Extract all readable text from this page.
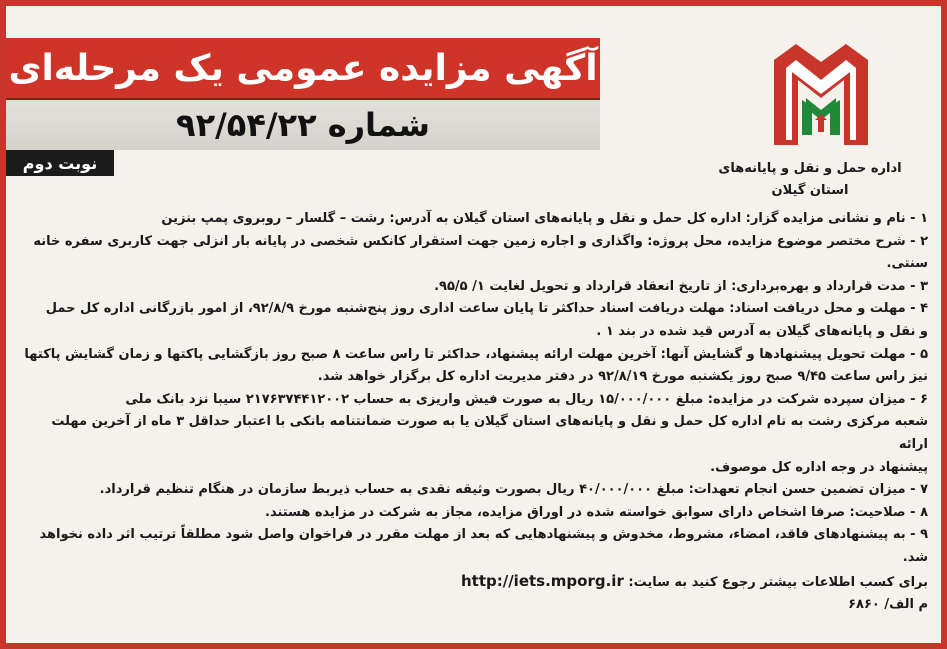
آگهی مزایده عمومی یک مرحله‌ای
شماره ۹۲/۵۴/۲۲
نوبت دوم	اداره حمل و نقل و پایانه‌های
استان گیلان

۱ - نام و نشانی مزایده گزار: اداره کل حمل و نقل و پایانه‌های استان گیلان به آدرس: رشت – گلسار – روبروی پمپ بنزین

۲ - شرح مختصر موضوع مزایده، محل پروژه: واگذاری و اجاره زمین جهت استقرار کانکس شخصی در پایانه بار انزلی جهت کاربری سفره خانه

سنتی.

۳ - مدت قرارداد و بهره‌برداری: از تاریخ انعقاد قرارداد و تحویل لغایت ۱/ ۹۵/۵.

۴ - مهلت و محل دریافت اسناد: مهلت دریافت اسناد حداکثر تا پایان ساعت اداری روز پنج‌شنبه مورخ ۹۲/۸/۹، از امور بازرگانی اداره کل حمل

و نقل و پایانه‌های گیلان به آدرس قید شده در بند ۱ .

۵ - مهلت تحویل پیشنهادها و گشایش آنها: آخرین مهلت ارائه پیشنهاد، حداکثر تا راس ساعت ۸ صبح روز بازگشایی پاکتها و زمان گشایش پاکتها

نیز راس ساعت ۹/۴۵ صبح روز یکشنبه مورخ ۹۲/۸/۱۹ در دفتر مدیریت اداره کل برگزار خواهد شد.

۶ - میزان سپرده شرکت در مزایده: مبلغ ۱۵/۰۰۰/۰۰۰ ریال به صورت فیش واریزی به حساب ۲۱۷۶۳۷۴۴۱۲۰۰۲ سیبا نزد بانک ملی

شعبه مرکزی رشت به نام اداره کل حمل و نقل و پایانه‌های استان گیلان یا به صورت ضمانتنامه بانکی با اعتبار حداقل ۳ ماه از آخرین مهلت ارائه

پیشنهاد در وجه اداره کل موصوف.

۷ - میزان تضمین حسن انجام تعهدات: مبلغ ۴۰/۰۰۰/۰۰۰ ریال بصورت وثیقه نقدی به حساب ذیربط سازمان در هنگام تنظیم قرارداد.

۸ - صلاحیت: صرفا اشخاص دارای سوابق خواسته شده در اوراق مزایده، مجاز به شرکت در مزایده هستند.

۹ - به پیشنهادهای فاقد، امضاء، مشروط، مخدوش و پیشنهادهایی که بعد از مهلت مقرر در فراخوان واصل شود مطلقاً ترتیب اثر داده نخواهد شد.

برای کسب اطلاعات بیشتر رجوع کنید به سایت: http://iets.mporg.ir

م الف/ ۶۸۶۰
